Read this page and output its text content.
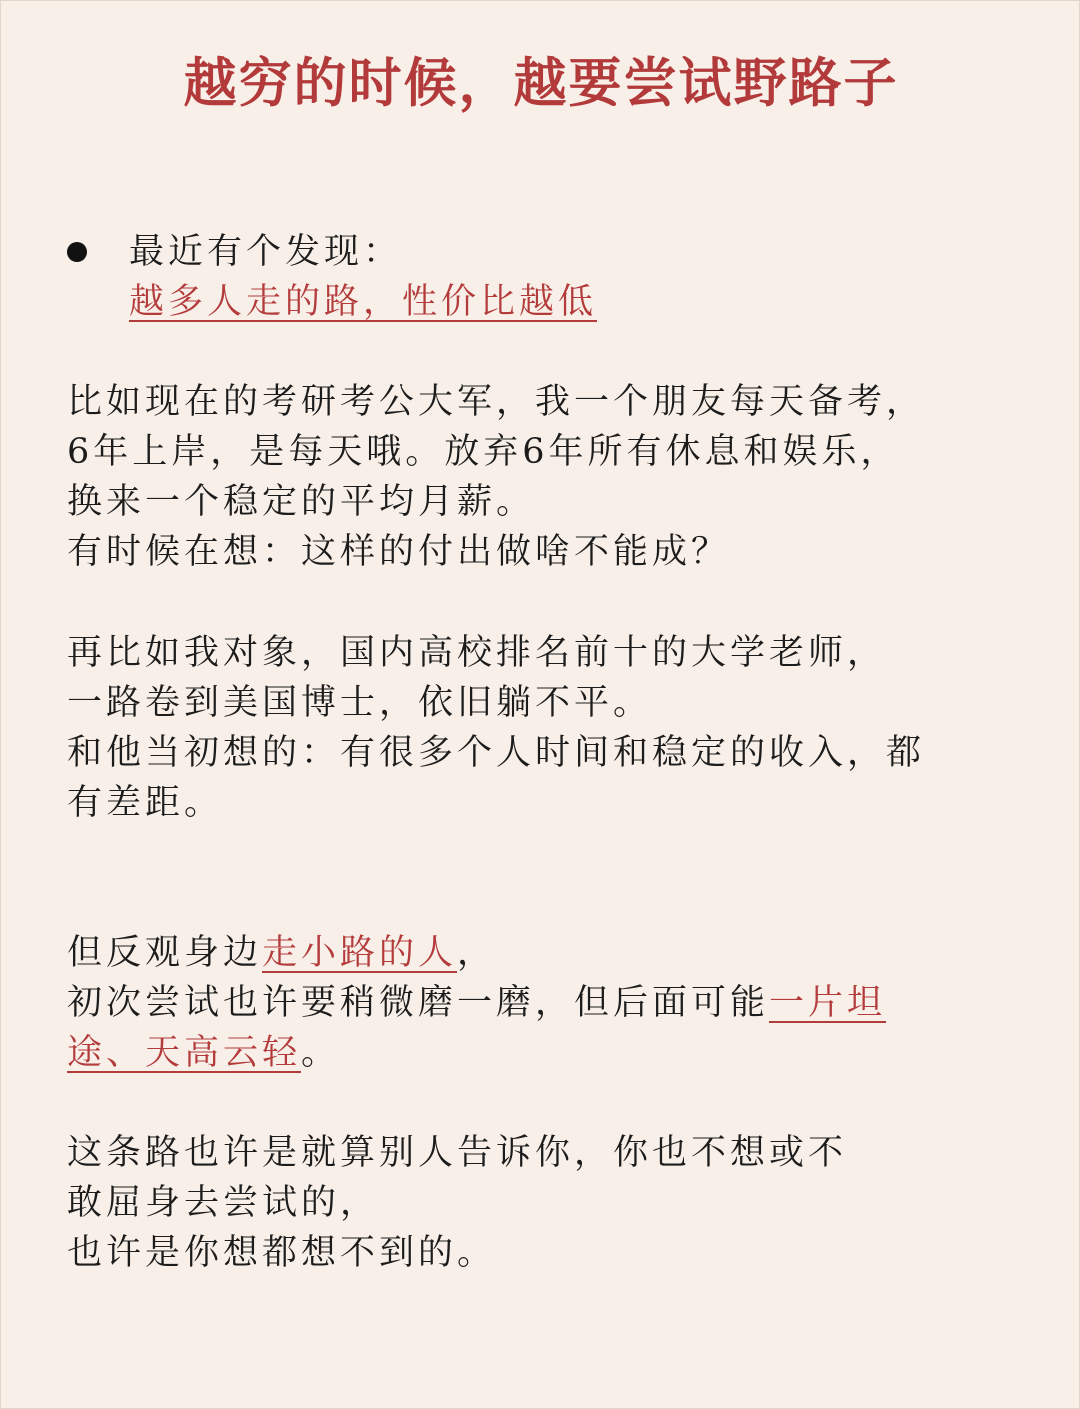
越穷的时候，越要尝试野路子

最近有个发现：

越多人走的路，性价比越低

比如现在的考研考公大军，我一个朋友每天备考，

6年上岸，是每天哦。放弃6年所有休息和娱乐，

换来一个稳定的平均月薪。

有时候在想：这样的付出做啥不能成？

再比如我对象，国内高校排名前十的大学老师，

一路卷到美国博士，依旧躺不平。

和他当初想的：有很多个人时间和稳定的收入，都

有差距。

但反观身边走小路的人，

初次尝试也许要稍微磨一磨，但后面可能一片坦

途、天高云轻。

这条路也许是就算别人告诉你，你也不想或不

敢屈身去尝试的，

也许是你想都想不到的。
